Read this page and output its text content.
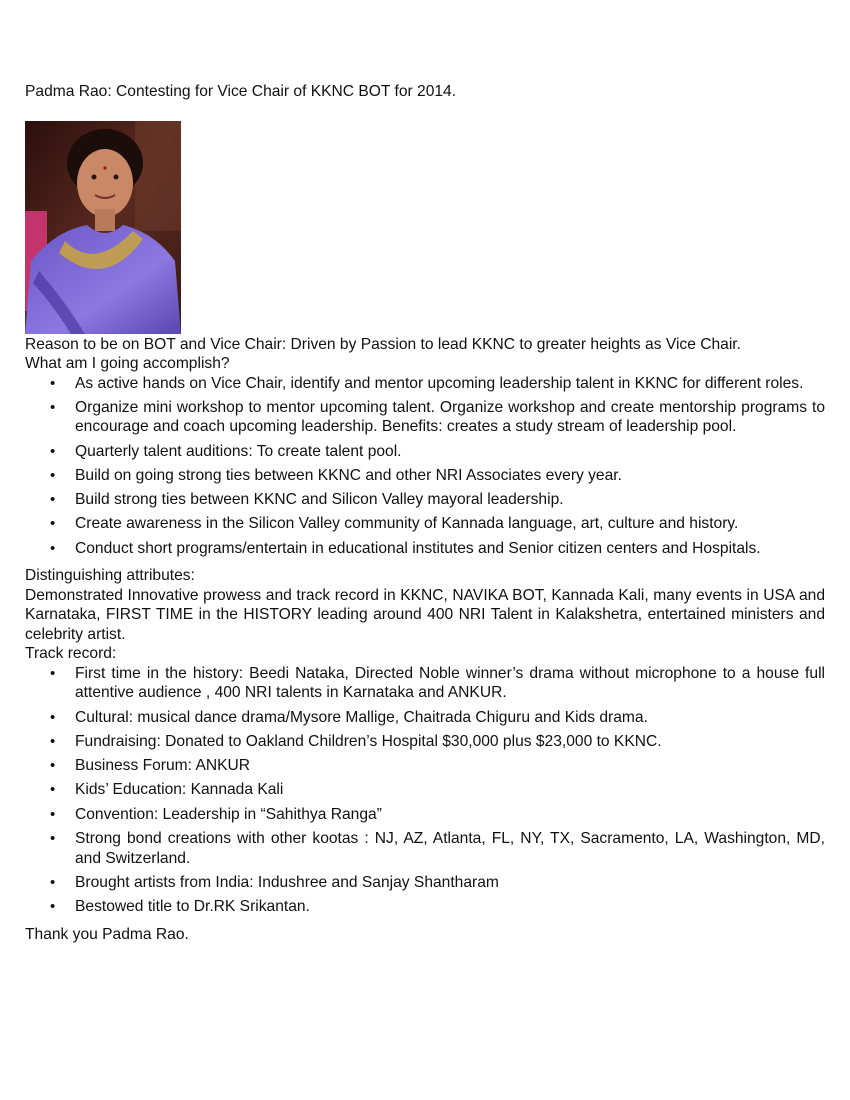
Padma Rao: Contesting for Vice Chair of KKNC BOT for 2014.

Reason to be on BOT and Vice Chair: Driven by Passion to lead KKNC to greater heights as Vice Chair.

What am I going accomplish?

• As active hands on Vice Chair, identify and mentor upcoming leadership talent in KKNC for different roles.
• Organize mini workshop to mentor upcoming talent. Organize workshop and create mentorship programs to encourage and coach upcoming leadership. Benefits: creates a study stream of leadership pool.
• Quarterly talent auditions: To create talent pool.
• Build on going strong ties between KKNC and other NRI Associates every year.
• Build strong ties between KKNC and Silicon Valley mayoral leadership.
• Create awareness in the Silicon Valley community of Kannada language, art, culture and history.
• Conduct short programs/entertain in educational institutes and Senior citizen centers and Hospitals.

Distinguishing attributes:

Demonstrated Innovative prowess and track record in KKNC, NAVIKA BOT, Kannada Kali, many events in USA and Karnataka, FIRST TIME in the HISTORY leading around 400 NRI Talent in Kalakshetra, entertained ministers and celebrity artist.

Track record:

• First time in the history: Beedi Nataka, Directed Noble winner’s drama without microphone to a house full attentive audience , 400 NRI talents in Karnataka and ANKUR.
• Cultural: musical dance drama/Mysore Mallige, Chaitrada Chiguru and Kids drama.
• Fundraising: Donated to Oakland Children’s Hospital $30,000 plus $23,000 to KKNC.
• Business Forum: ANKUR
• Kids’ Education: Kannada Kali
• Convention: Leadership in “Sahithya Ranga”
• Strong bond creations with other kootas : NJ, AZ, Atlanta, FL, NY, TX, Sacramento, LA, Washington, MD, and Switzerland.
• Brought artists from India: Indushree and Sanjay Shantharam
• Bestowed title to Dr.RK Srikantan.

Thank you Padma Rao.
